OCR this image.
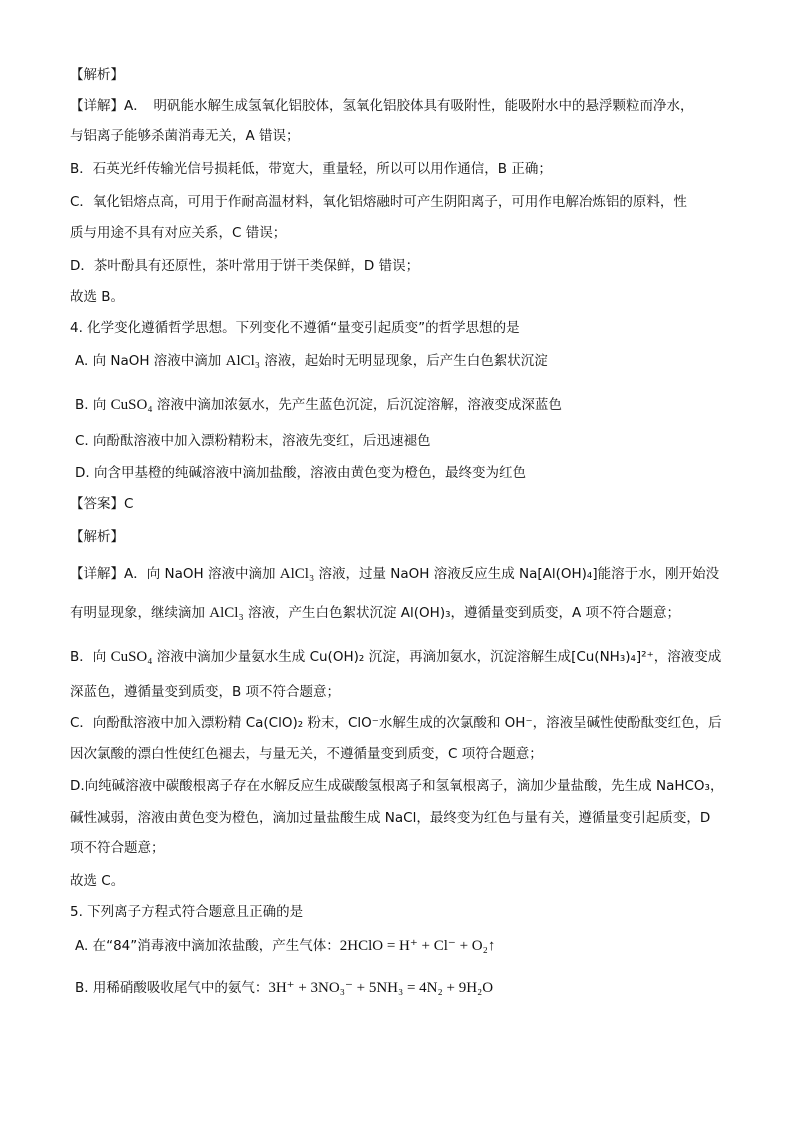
【解析】
【详解】A．　明矾能水解生成氢氧化铝胶体，氢氧化铝胶体具有吸附性，能吸附水中的悬浮颗粒而净水，
与铝离子能够杀菌消毒无关，A 错误；
B．石英光纤传输光信号损耗低，带宽大，重量轻，所以可以用作通信，B 正确；
C．氧化铝熔点高，可用于作耐高温材料，氧化铝熔融时可产生阴阳离子，可用作电解冶炼铝的原料，性
质与用途不具有对应关系，C 错误；
D．茶叶酚具有还原性，茶叶常用于饼干类保鲜，D 错误；
故选 B。
4. 化学变化遵循哲学思想。下列变化不遵循“量变引起质变”的哲学思想的是
A. 向 NaOH 溶液中滴加 AlCl₃ 溶液，起始时无明显现象，后产生白色絮状沉淀
B. 向 CuSO₄ 溶液中滴加浓氨水，先产生蓝色沉淀，后沉淀溶解，溶液变成深蓝色
C. 向酚酞溶液中加入漂粉精粉末，溶液先变红，后迅速褪色
D. 向含甲基橙的纯碱溶液中滴加盐酸，溶液由黄色变为橙色，最终变为红色
【答案】C
【解析】
【详解】A．向 NaOH 溶液中滴加 AlCl₃ 溶液，过量 NaOH 溶液反应生成 Na[Al(OH)₄]能溶于水，刚开始没
有明显现象，继续滴加 AlCl₃ 溶液，产生白色絮状沉淀 Al(OH)₃，遵循量变到质变，A 项不符合题意；
B．向 CuSO₄ 溶液中滴加少量氨水生成 Cu(OH)₂ 沉淀，再滴加氨水，沉淀溶解生成[Cu(NH₃)₄]²⁺，溶液变成
深蓝色，遵循量变到质变，B 项不符合题意；
C．向酚酞溶液中加入漂粉精 Ca(ClO)₂ 粉末，ClO⁻水解生成的次氯酸和 OH⁻，溶液呈碱性使酚酞变红色，后
因次氯酸的漂白性使红色褪去，与量无关，不遵循量变到质变，C 项符合题意；
D.向纯碱溶液中碳酸根离子存在水解反应生成碳酸氢根离子和氢氧根离子，滴加少量盐酸，先生成 NaHCO₃，
碱性减弱，溶液由黄色变为橙色，滴加过量盐酸生成 NaCl，最终变为红色与量有关，遵循量变引起质变，D
项不符合题意；
故选 C。
5. 下列离子方程式符合题意且正确的是
A. 在“84”消毒液中滴加浓盐酸，产生气体：2HClO = H⁺ + Cl⁻ + O₂↑
B. 用稀硝酸吸收尾气中的氨气：3H⁺ + 3NO₃⁻ + 5NH₃ = 4N₂ + 9H₂O
